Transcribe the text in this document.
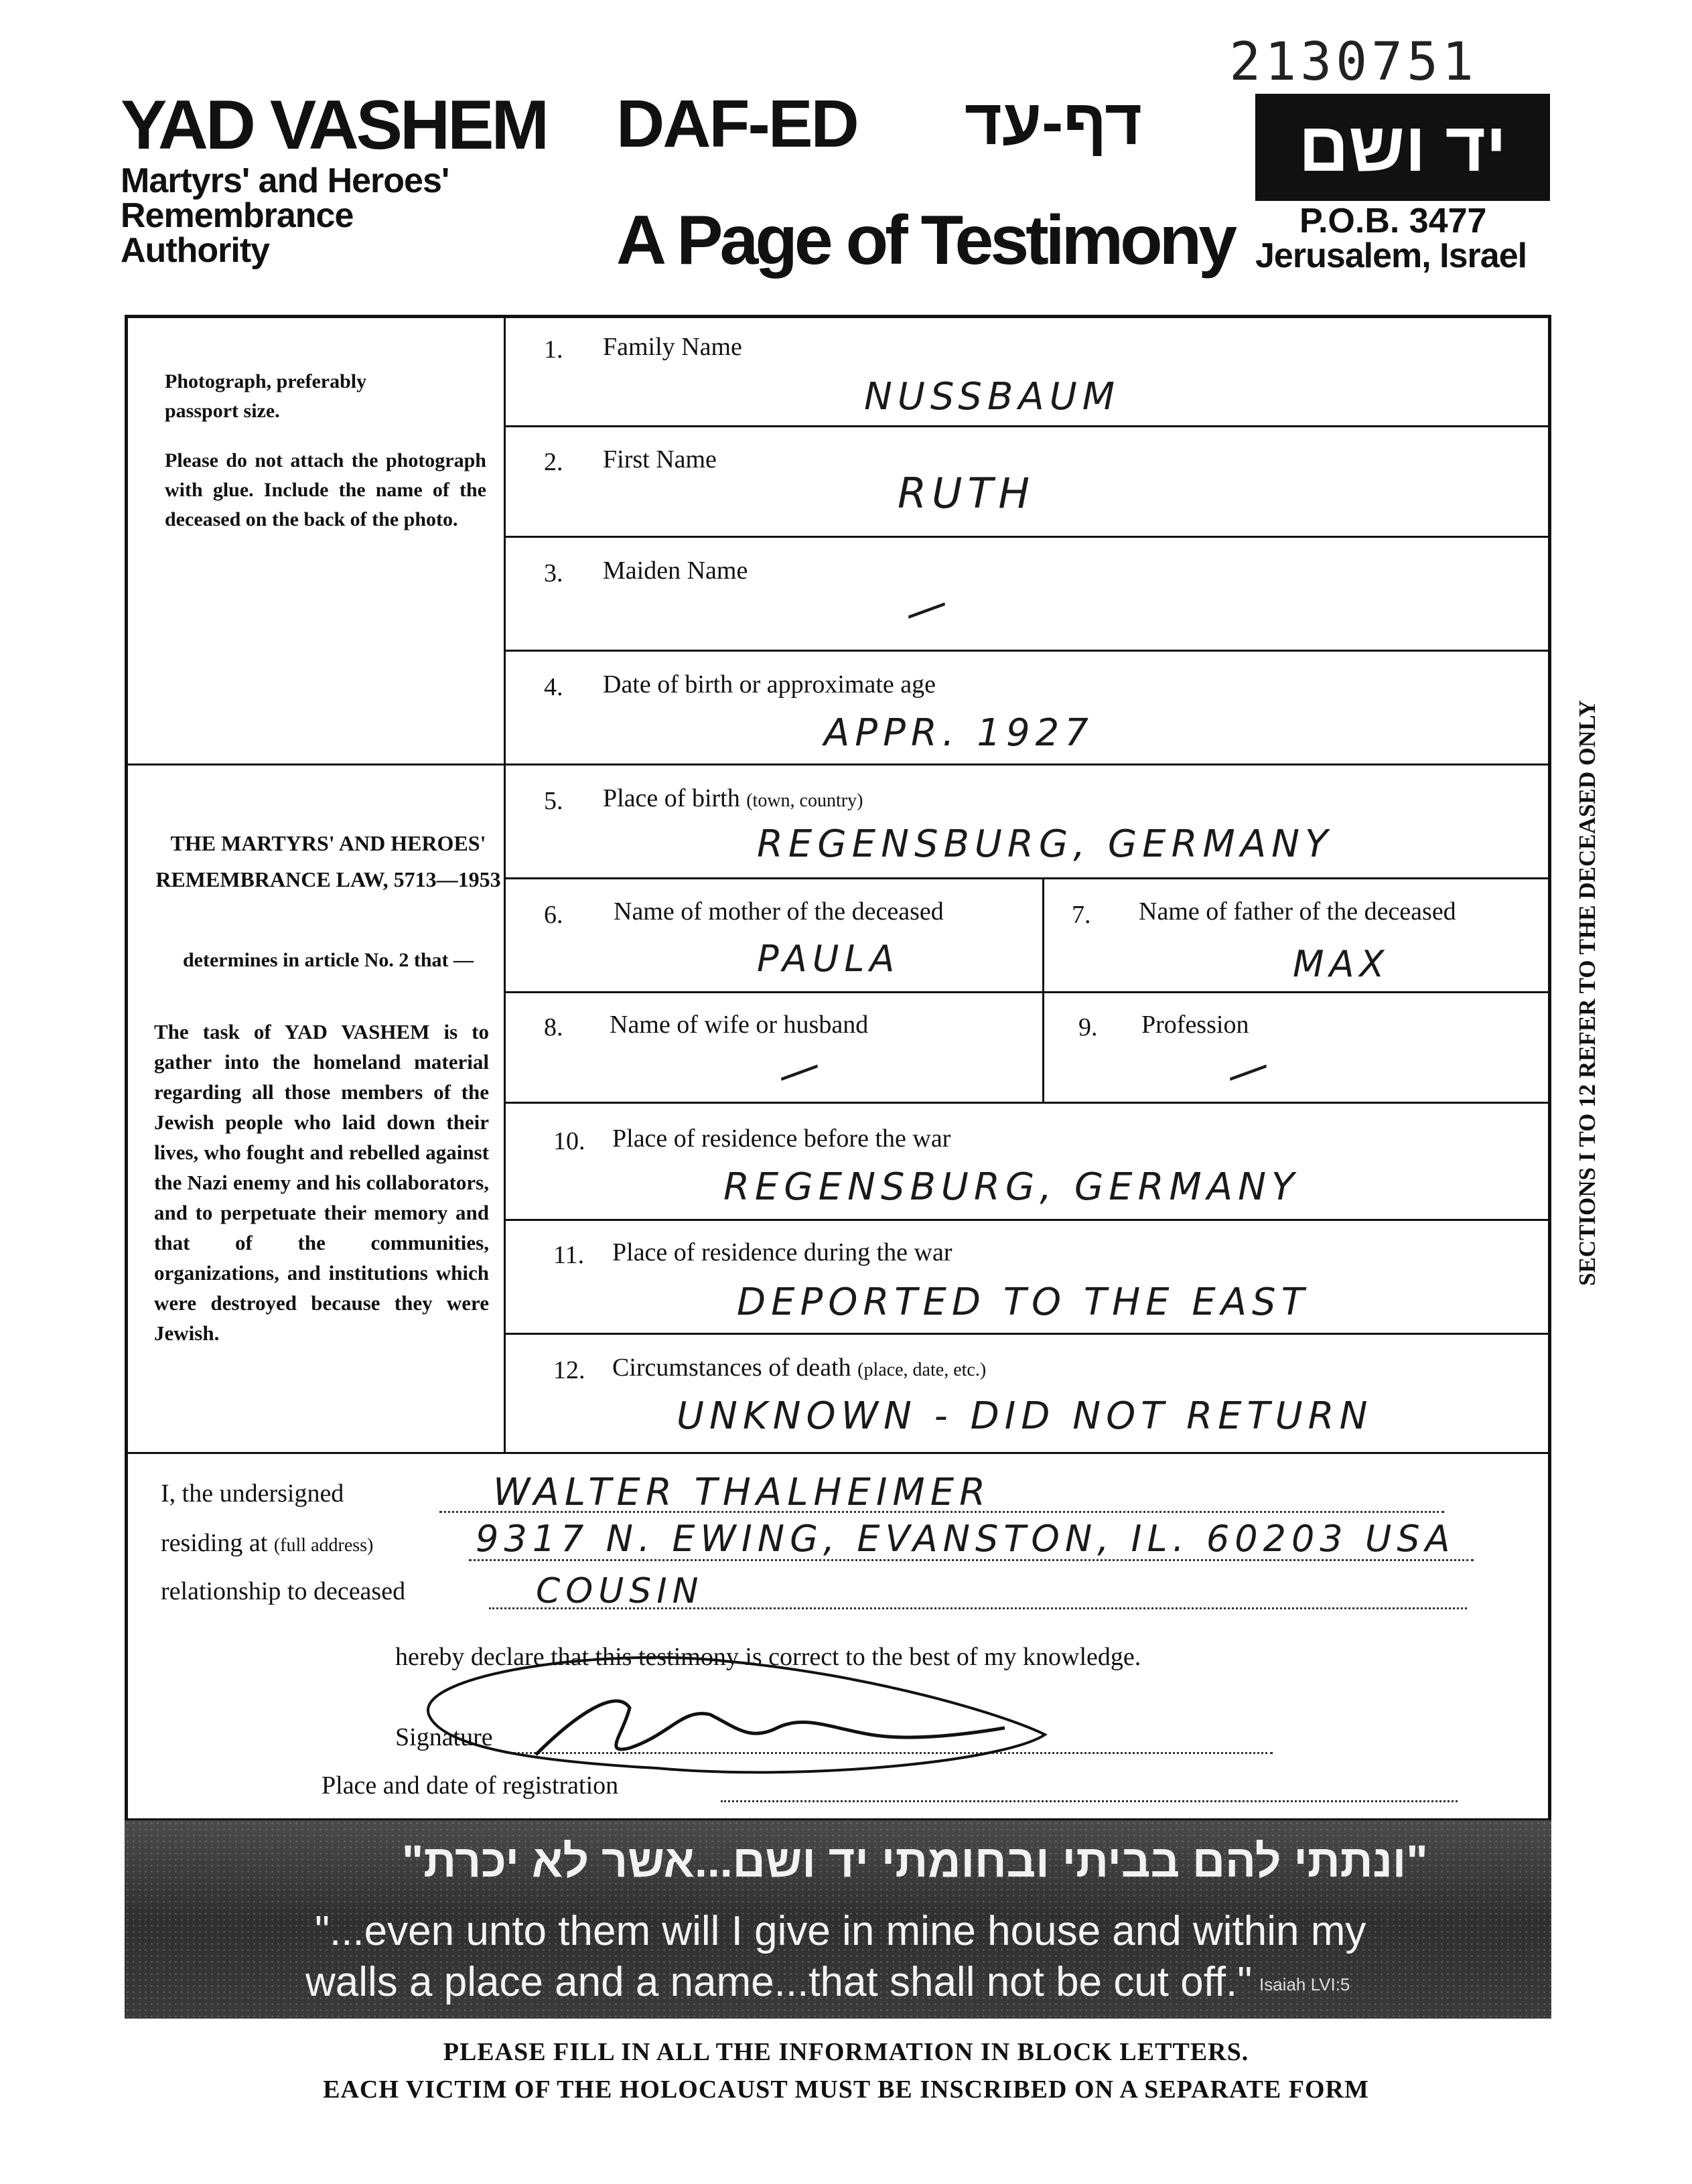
2130751
YAD VASHEM
Martyrs' and Heroes'
Remembrance
Authority
DAF-ED דף-עד
A Page of Testimony
יד ושם
P.O.B. 3477
Jerusalem, Israel
Photograph, preferably
passport size.
Please do not attach the photograph with glue. Include the name of the deceased on the back of the photo.
THE MARTYRS' AND HEROES' REMEMBRANCE LAW, 5713—1953
determines in article No. 2 that —
The task of YAD VASHEM is to gather into the homeland material regarding all those members of the Jewish people who laid down their lives, who fought and rebelled against the Nazi enemy and his collaborators, and to perpetuate their memory and that of the communities, organizations, and institutions which were destroyed because they were Jewish.
1. Family Name
NUSSBAUM
2. First Name
RUTH
3. Maiden Name
—
4. Date of birth or approximate age
APPR. 1927
5. Place of birth (town, country)
REGENSBURG, GERMANY
6. Name of mother of the deceased
PAULA
7. Name of father of the deceased
MAX
8. Name of wife or husband
—
9. Profession
—
10. Place of residence before the war
REGENSBURG, GERMANY
11. Place of residence during the war
DEPORTED TO THE EAST
12. Circumstances of death (place, date, etc.)
UNKNOWN - DID NOT RETURN
I, the undersigned	WALTER THALHEIMER
residing at (full address)	9317 N. EWING, EVANSTON, IL. 60203 USA
relationship to deceased	COUSIN
hereby declare that this testimony is correct to the best of my knowledge.
Signature
Place and date of registration
"ונתתי להם בביתי ובחומתי יד ושם...אשר לא יכרת"
"...even unto them will I give in mine house and within my
walls a place and a name...that shall not be cut off." Isaiah LVI:5
PLEASE FILL IN ALL THE INFORMATION IN BLOCK LETTERS.
EACH VICTIM OF THE HOLOCAUST MUST BE INSCRIBED ON A SEPARATE FORM
SECTIONS I TO 12 REFER TO THE DECEASED ONLY
